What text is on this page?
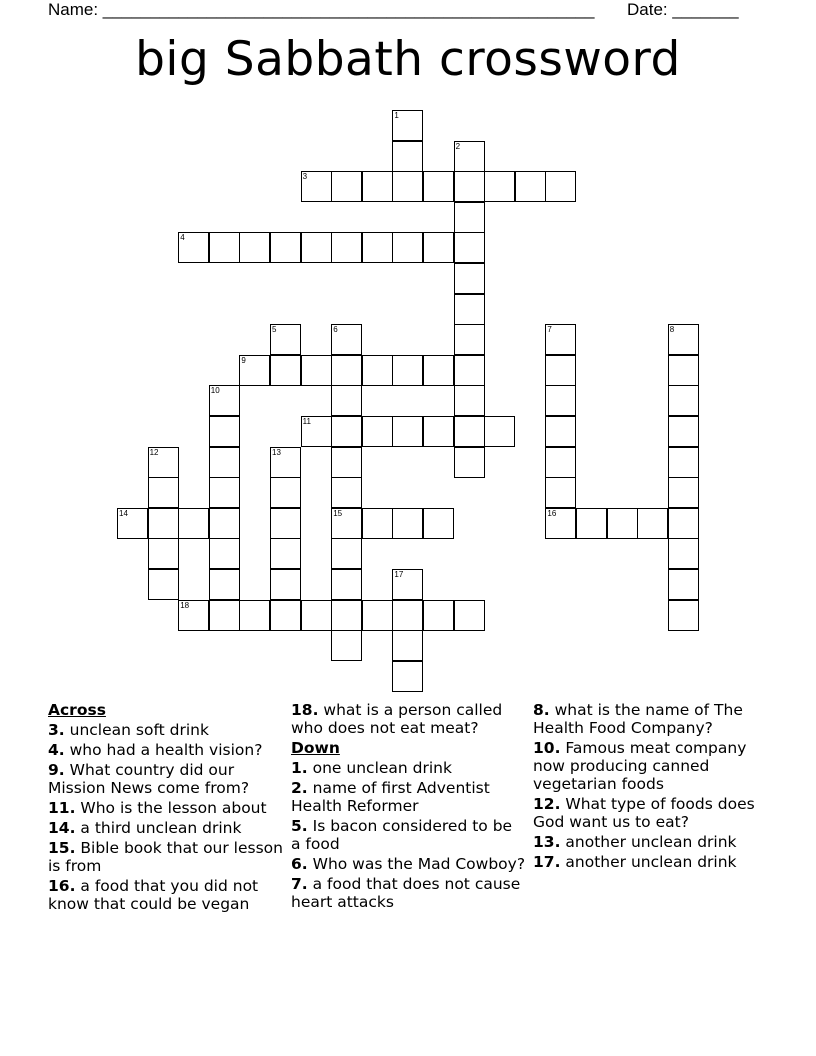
Name: ____________________________________________________ Date: _______
big Sabbath crossword
1
2
3
4
5	6
15
7
16
8
9
10
11
12	13
14
17
18
Across
3. unclean soft drink
4. who had a health vision?
9. What country did our Mission News come from?
11. Who is the lesson about
14. a third unclean drink
15. Bible book that our lesson is from
16. a food that you did not know that could be vegan
18. what is a person called who does not eat meat?
Down
1. one unclean drink
2. name of first Adventist Health Reformer
5. Is bacon considered to be a food
6. Who was the Mad Cowboy?
7. a food that does not cause heart attacks
8. what is the name of The Health Food Company?
10. Famous meat company now producing canned vegetarian foods
12. What type of foods does God want us to eat?
13. another unclean drink
17. another unclean drink
